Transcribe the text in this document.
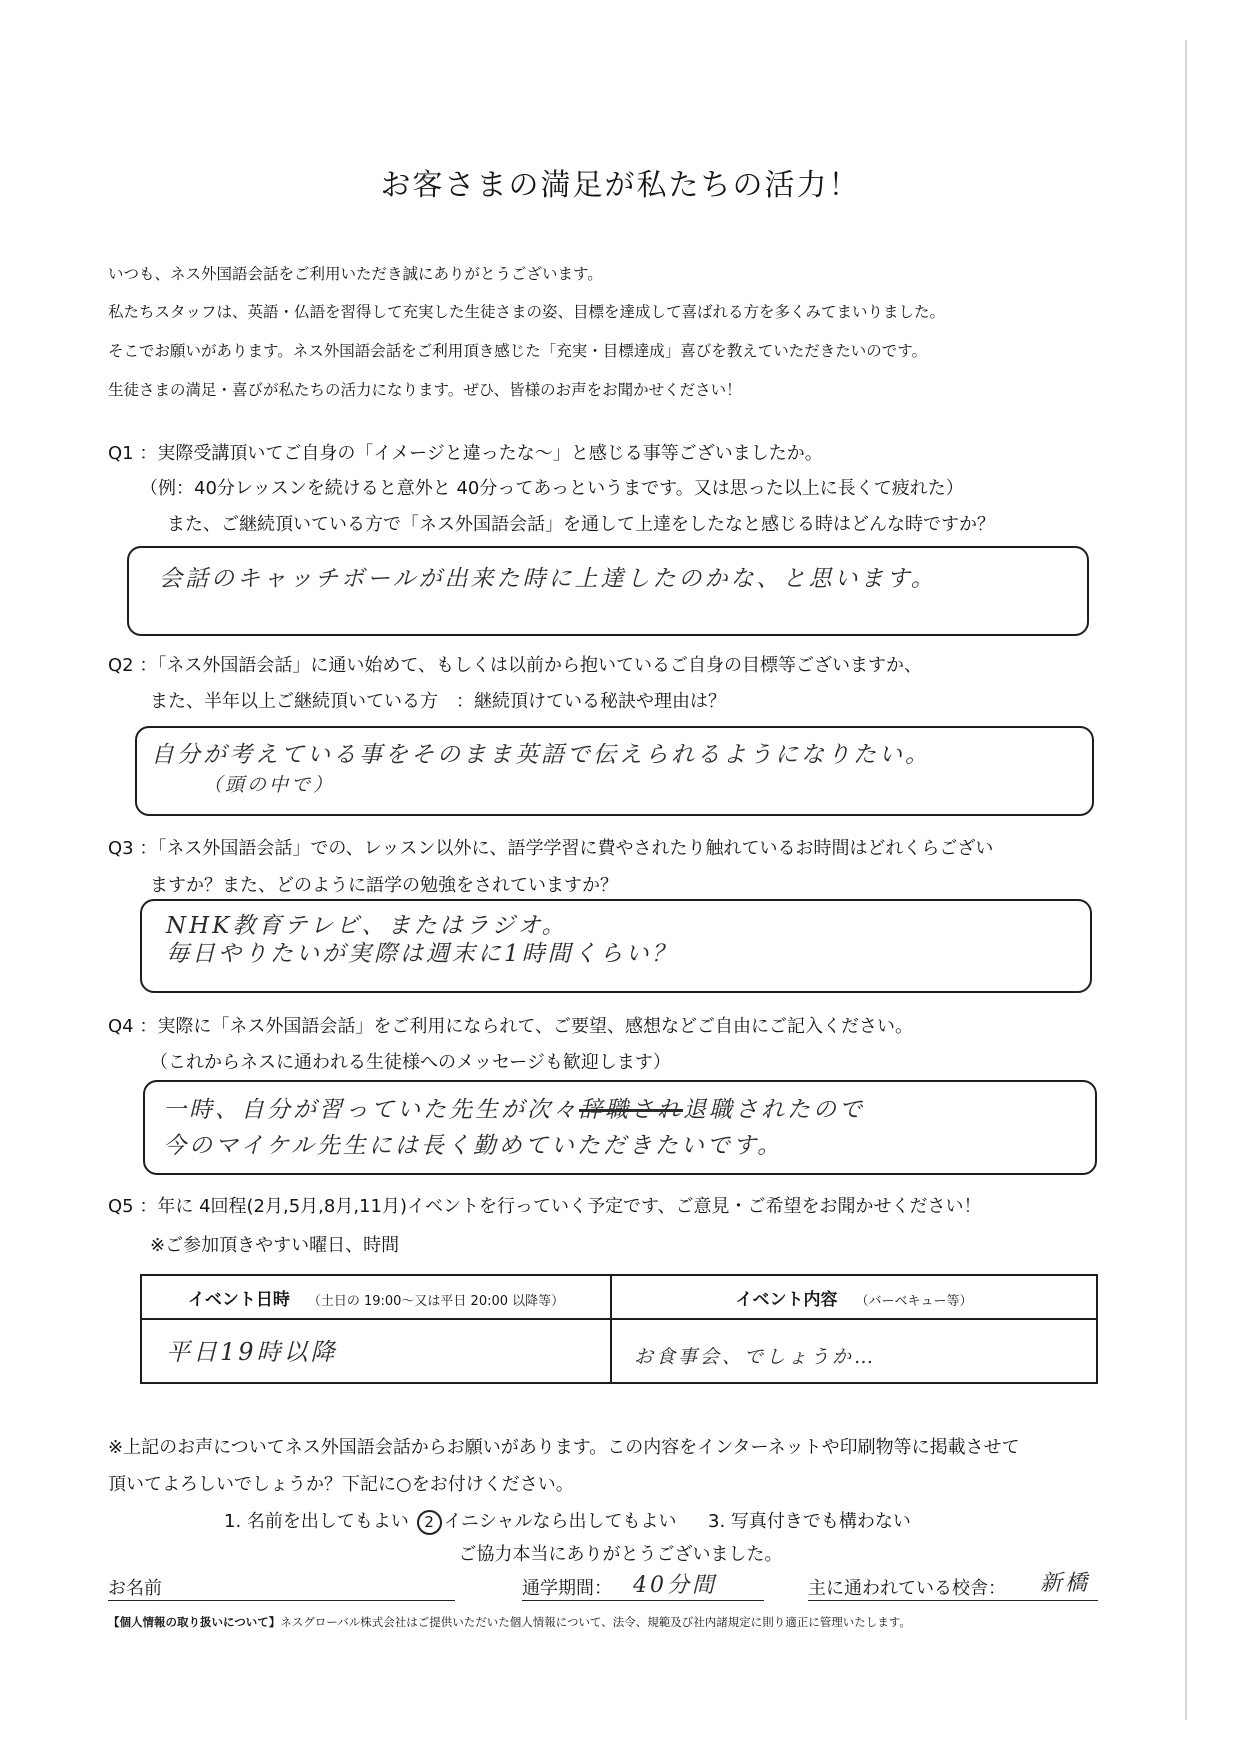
お客さまの満足が私たちの活力！
いつも、ネス外国語会話をご利用いただき誠にありがとうございます。
私たちスタッフは、英語・仏語を習得して充実した生徒さまの姿、目標を達成して喜ばれる方を多くみてまいりました。
そこでお願いがあります。ネス外国語会話をご利用頂き感じた「充実・目標達成」喜びを教えていただきたいのです。
生徒さまの満足・喜びが私たちの活力になります。ぜひ、皆様のお声をお聞かせください！
Q1 ：実際受講頂いてご自身の「イメージと違ったな～」と感じる事等ございましたか。
（例：40分レッスンを続けると意外と 40分ってあっというまです。又は思った以上に長くて疲れた）
また、ご継続頂いている方で「ネス外国語会話」を通して上達をしたなと感じる時はどんな時ですか？
会話のキャッチボールが出来た時に上達したのかな、と思います。
Q2 ：「ネス外国語会話」に通い始めて、もしくは以前から抱いているご自身の目標等ございますか、
また、半年以上ご継続頂いている方　：継続頂けている秘訣や理由は？
自分が考えている事をそのまま英語で伝えられるようになりたい。
（頭の中で）
Q3 ：「ネス外国語会話」での、レッスン以外に、語学学習に費やされたり触れているお時間はどれくらござい
ますか？また、どのように語学の勉強をされていますか？
NHK教育テレビ、またはラジオ。
毎日やりたいが実際は週末に1時間くらい？
Q4 ：実際に「ネス外国語会話」をご利用になられて、ご要望、感想などご自由にご記入ください。
（これからネスに通われる生徒様へのメッセージも歓迎します）
一時、自分が習っていた先生が次々辞職され退職されたので
今のマイケル先生には長く勤めていただきたいです。
Q5 ：年に 4回程(2月,5月,8月,11月)イベントを行っていく予定です、ご意見・ご希望をお聞かせください！
※ご参加頂きやすい曜日、時間
イベント日時 （土日の 19:00～又は平日 20:00 以降等）	イベント内容 （バーベキュー等）

平日19時以降	お食事会、でしょうか…
※上記のお声についてネス外国語会話からお願いがあります。この内容をインターネットや印刷物等に掲載させて
頂いてよろしいでしょうか？下記に○をお付けください。
1. 名前を出してもよい 2 イニシャルなら出してもよい 3. 写真付きでも構わない
ご協力本当にありがとうございました。
お名前	通学期間： 40分間	主に通われている校舎： 新橋
【個人情報の取り扱いについて】ネスグローバル株式会社はご提供いただいた個人情報について、法令、規範及び社内諸規定に則り適正に管理いたします。
